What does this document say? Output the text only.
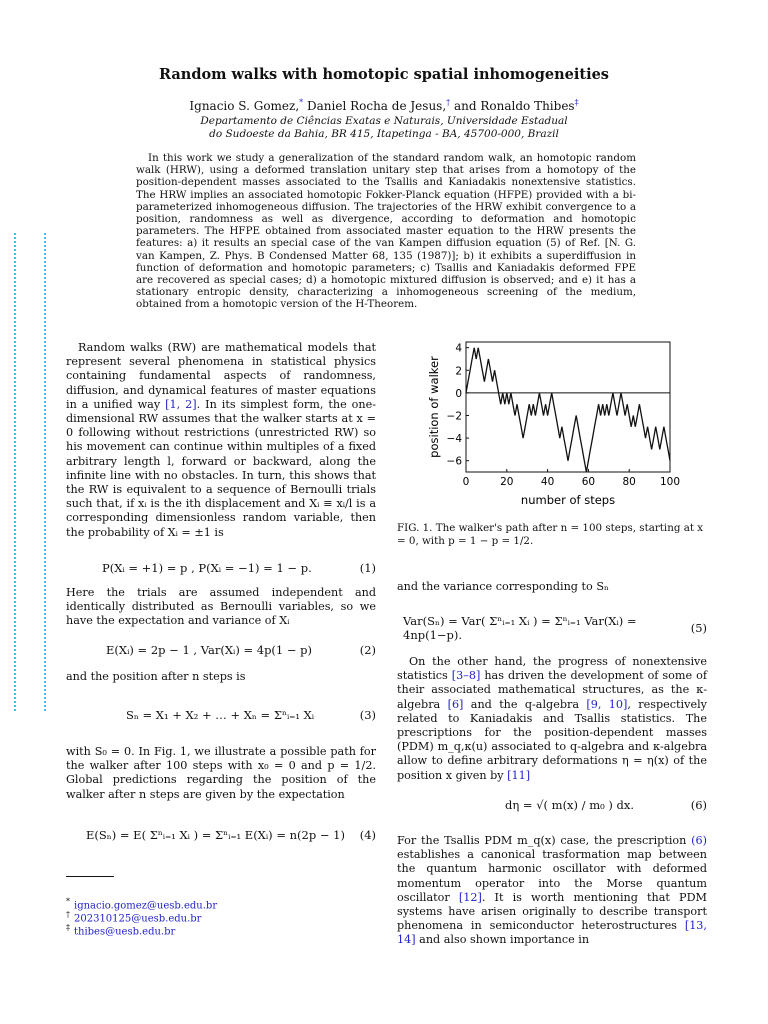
Random walks with homotopic spatial inhomogeneities
Ignacio S. Gomez,* Daniel Rocha de Jesus,† and Ronaldo Thibes‡
Departamento de Ciências Exatas e Naturais, Universidade Estadual
do Sudoeste da Bahia, BR 415, Itapetinga - BA, 45700-000, Brazil
In this work we study a generalization of the standard random walk, an homotopic random walk (HRW), using a deformed translation unitary step that arises from a homotopy of the position-dependent masses associated to the Tsallis and Kaniadakis nonextensive statistics. The HRW implies an associated homotopic Fokker-Planck equation (HFPE) provided with a bi-parameterized inhomogeneous diffusion. The trajectories of the HRW exhibit convergence to a position, randomness as well as divergence, according to deformation and homotopic parameters. The HFPE obtained from associated master equation to the HRW presents the features: a) it results an special case of the van Kampen diffusion equation (5) of Ref. [N. G. van Kampen, Z. Phys. B Condensed Matter 68, 135 (1987)]; b) it exhibits a superdiffusion in function of deformation and homotopic parameters; c) Tsallis and Kaniadakis deformed FPE are recovered as special cases; d) a homotopic mixtured diffusion is observed; and e) it has a stationary entropic density, characterizing a inhomogeneous screening of the medium, obtained from a homotopic version of the H-Theorem.
Random walks (RW) are mathematical models that represent several phenomena in statistical physics containing fundamental aspects of randomness, diffusion, and dynamical features of master equations in a unified way [1, 2]. In its simplest form, the one-dimensional RW assumes that the walker starts at x = 0 following without restrictions (unrestricted RW) so his movement can continue within multiples of a fixed arbitrary length l, forward or backward, along the infinite line with no obstacles. In turn, this shows that the RW is equivalent to a sequence of Bernoulli trials such that, if xᵢ is the ith displacement and Xᵢ ≡ xᵢ/l is a corresponding dimensionless random variable, then the probability of Xᵢ = ±1 is
P(Xᵢ = +1) = p , P(Xᵢ = −1) = 1 − p.	(1)
Here the trials are assumed independent and identically distributed as Bernoulli variables, so we have the expectation and variance of Xᵢ
E(Xᵢ) = 2p − 1 , Var(Xᵢ) = 4p(1 − p)	(2)
and the position after n steps is
Sₙ = X₁ + X₂ + … + Xₙ = Σⁿᵢ₌₁ Xᵢ	(3)
with S₀ = 0. In Fig. 1, we illustrate a possible path for the walker after 100 steps with x₀ = 0 and p = 1/2. Global predictions regarding the position of the walker after n steps are given by the expectation
E(Sₙ) = E( Σⁿᵢ₌₁ Xᵢ ) = Σⁿᵢ₌₁ E(Xᵢ) = n(2p − 1) (4)
* ignacio.gomez@uesb.edu.br
† 202310125@uesb.edu.br
‡ thibes@uesb.edu.br
0	20	40	60	80 100
4
2
0
−2
−4
−6
number of steps
position of walker
FIG. 1. The walker's path after n = 100 steps, starting at x = 0, with p = 1 − p = 1/2.
and the variance corresponding to Sₙ
Var(Sₙ) = Var( Σⁿᵢ₌₁ Xᵢ ) = Σⁿᵢ₌₁ Var(Xᵢ) = 4np(1−p).	(5)
On the other hand, the progress of nonextensive statistics [3–8] has driven the development of some of their associated mathematical structures, as the κ-algebra [6] and the q-algebra [9, 10], respectively related to Kaniadakis and Tsallis statistics. The prescriptions for the position-dependent masses (PDM) m_q,κ(u) associated to q-algebra and κ-algebra allow to define arbitrary deformations η = η(x) of the position x given by [11]
dη = √( m(x) / m₀ ) dx.	(6)
For the Tsallis PDM m_q(x) case, the prescription (6) establishes a canonical trasformation map between the quantum harmonic oscillator with deformed momentum operator into the Morse quantum oscillator [12]. It is worth mentioning that PDM systems have arisen originally to describe transport phenomena in semiconductor heterostructures [13, 14] and also shown importance in
